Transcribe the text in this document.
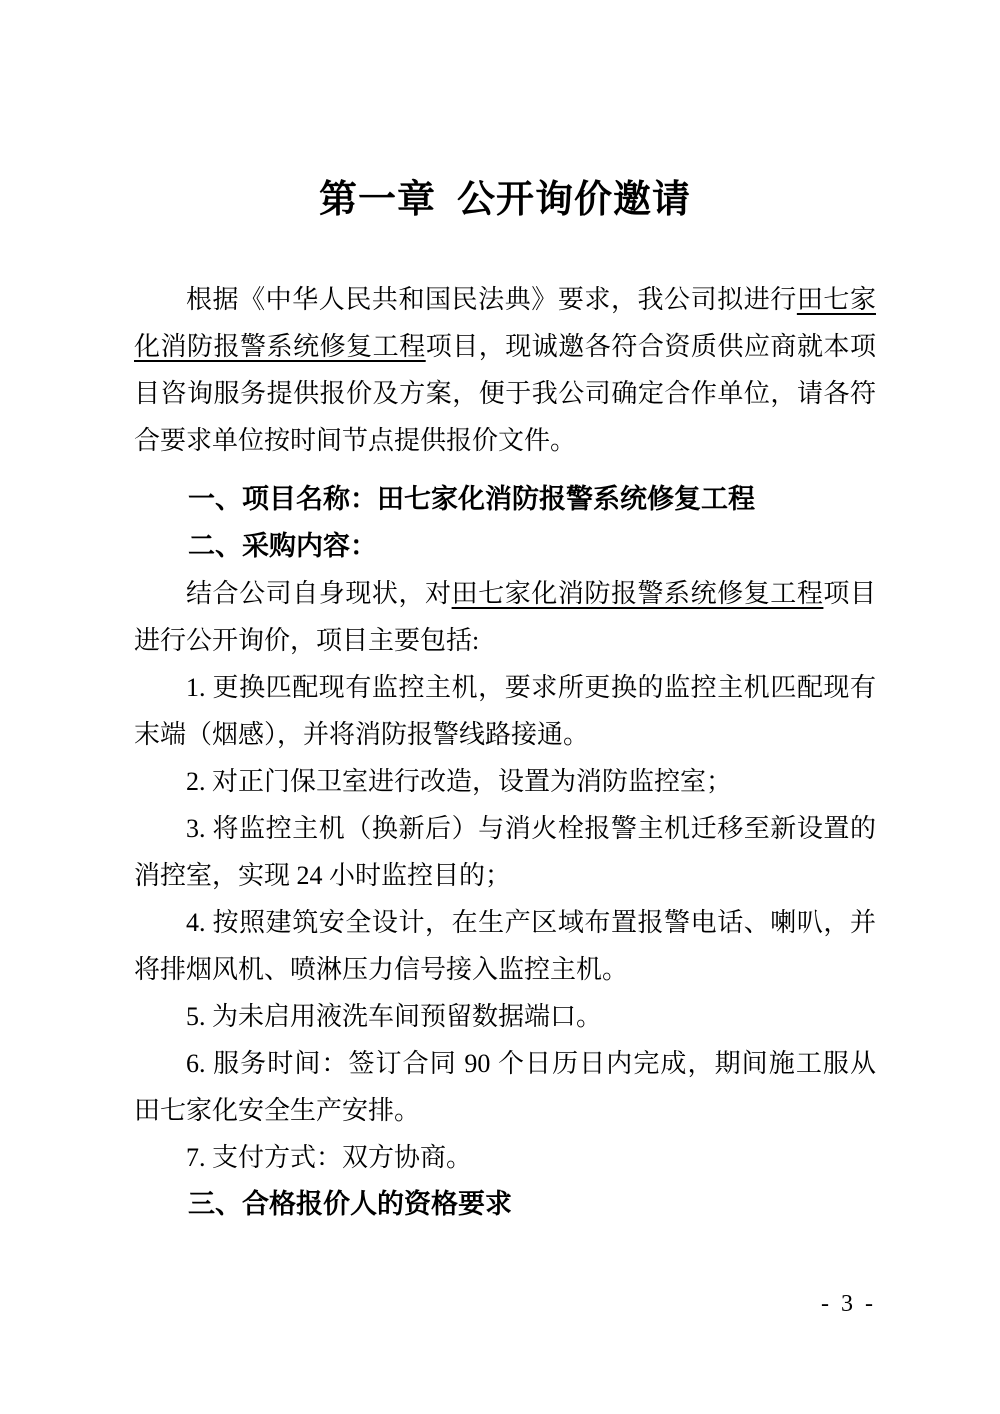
第一章  公开询价邀请
根据《中华人民共和国民法典》要求，我公司拟进行田七家
化消防报警系统修复工程项目，现诚邀各符合资质供应商就本项
目咨询服务提供报价及方案，便于我公司确定合作单位，请各符
合要求单位按时间节点提供报价文件。
一、项目名称：田七家化消防报警系统修复工程
二、采购内容：
结合公司自身现状，对田七家化消防报警系统修复工程项目
进行公开询价，项目主要包括:
1. 更换匹配现有监控主机，要求所更换的监控主机匹配现有
末端（烟感），并将消防报警线路接通。
2. 对正门保卫室进行改造，设置为消防监控室；
3. 将监控主机（换新后）与消火栓报警主机迁移至新设置的
消控室，实现 24 小时监控目的；
4. 按照建筑安全设计，在生产区域布置报警电话、喇叭，并
将排烟风机、喷淋压力信号接入监控主机。
5. 为未启用液洗车间预留数据端口。
6. 服务时间：签订合同 90 个日历日内完成，期间施工服从
田七家化安全生产安排。
7. 支付方式：双方协商。
三、合格报价人的资格要求
- 3 -
